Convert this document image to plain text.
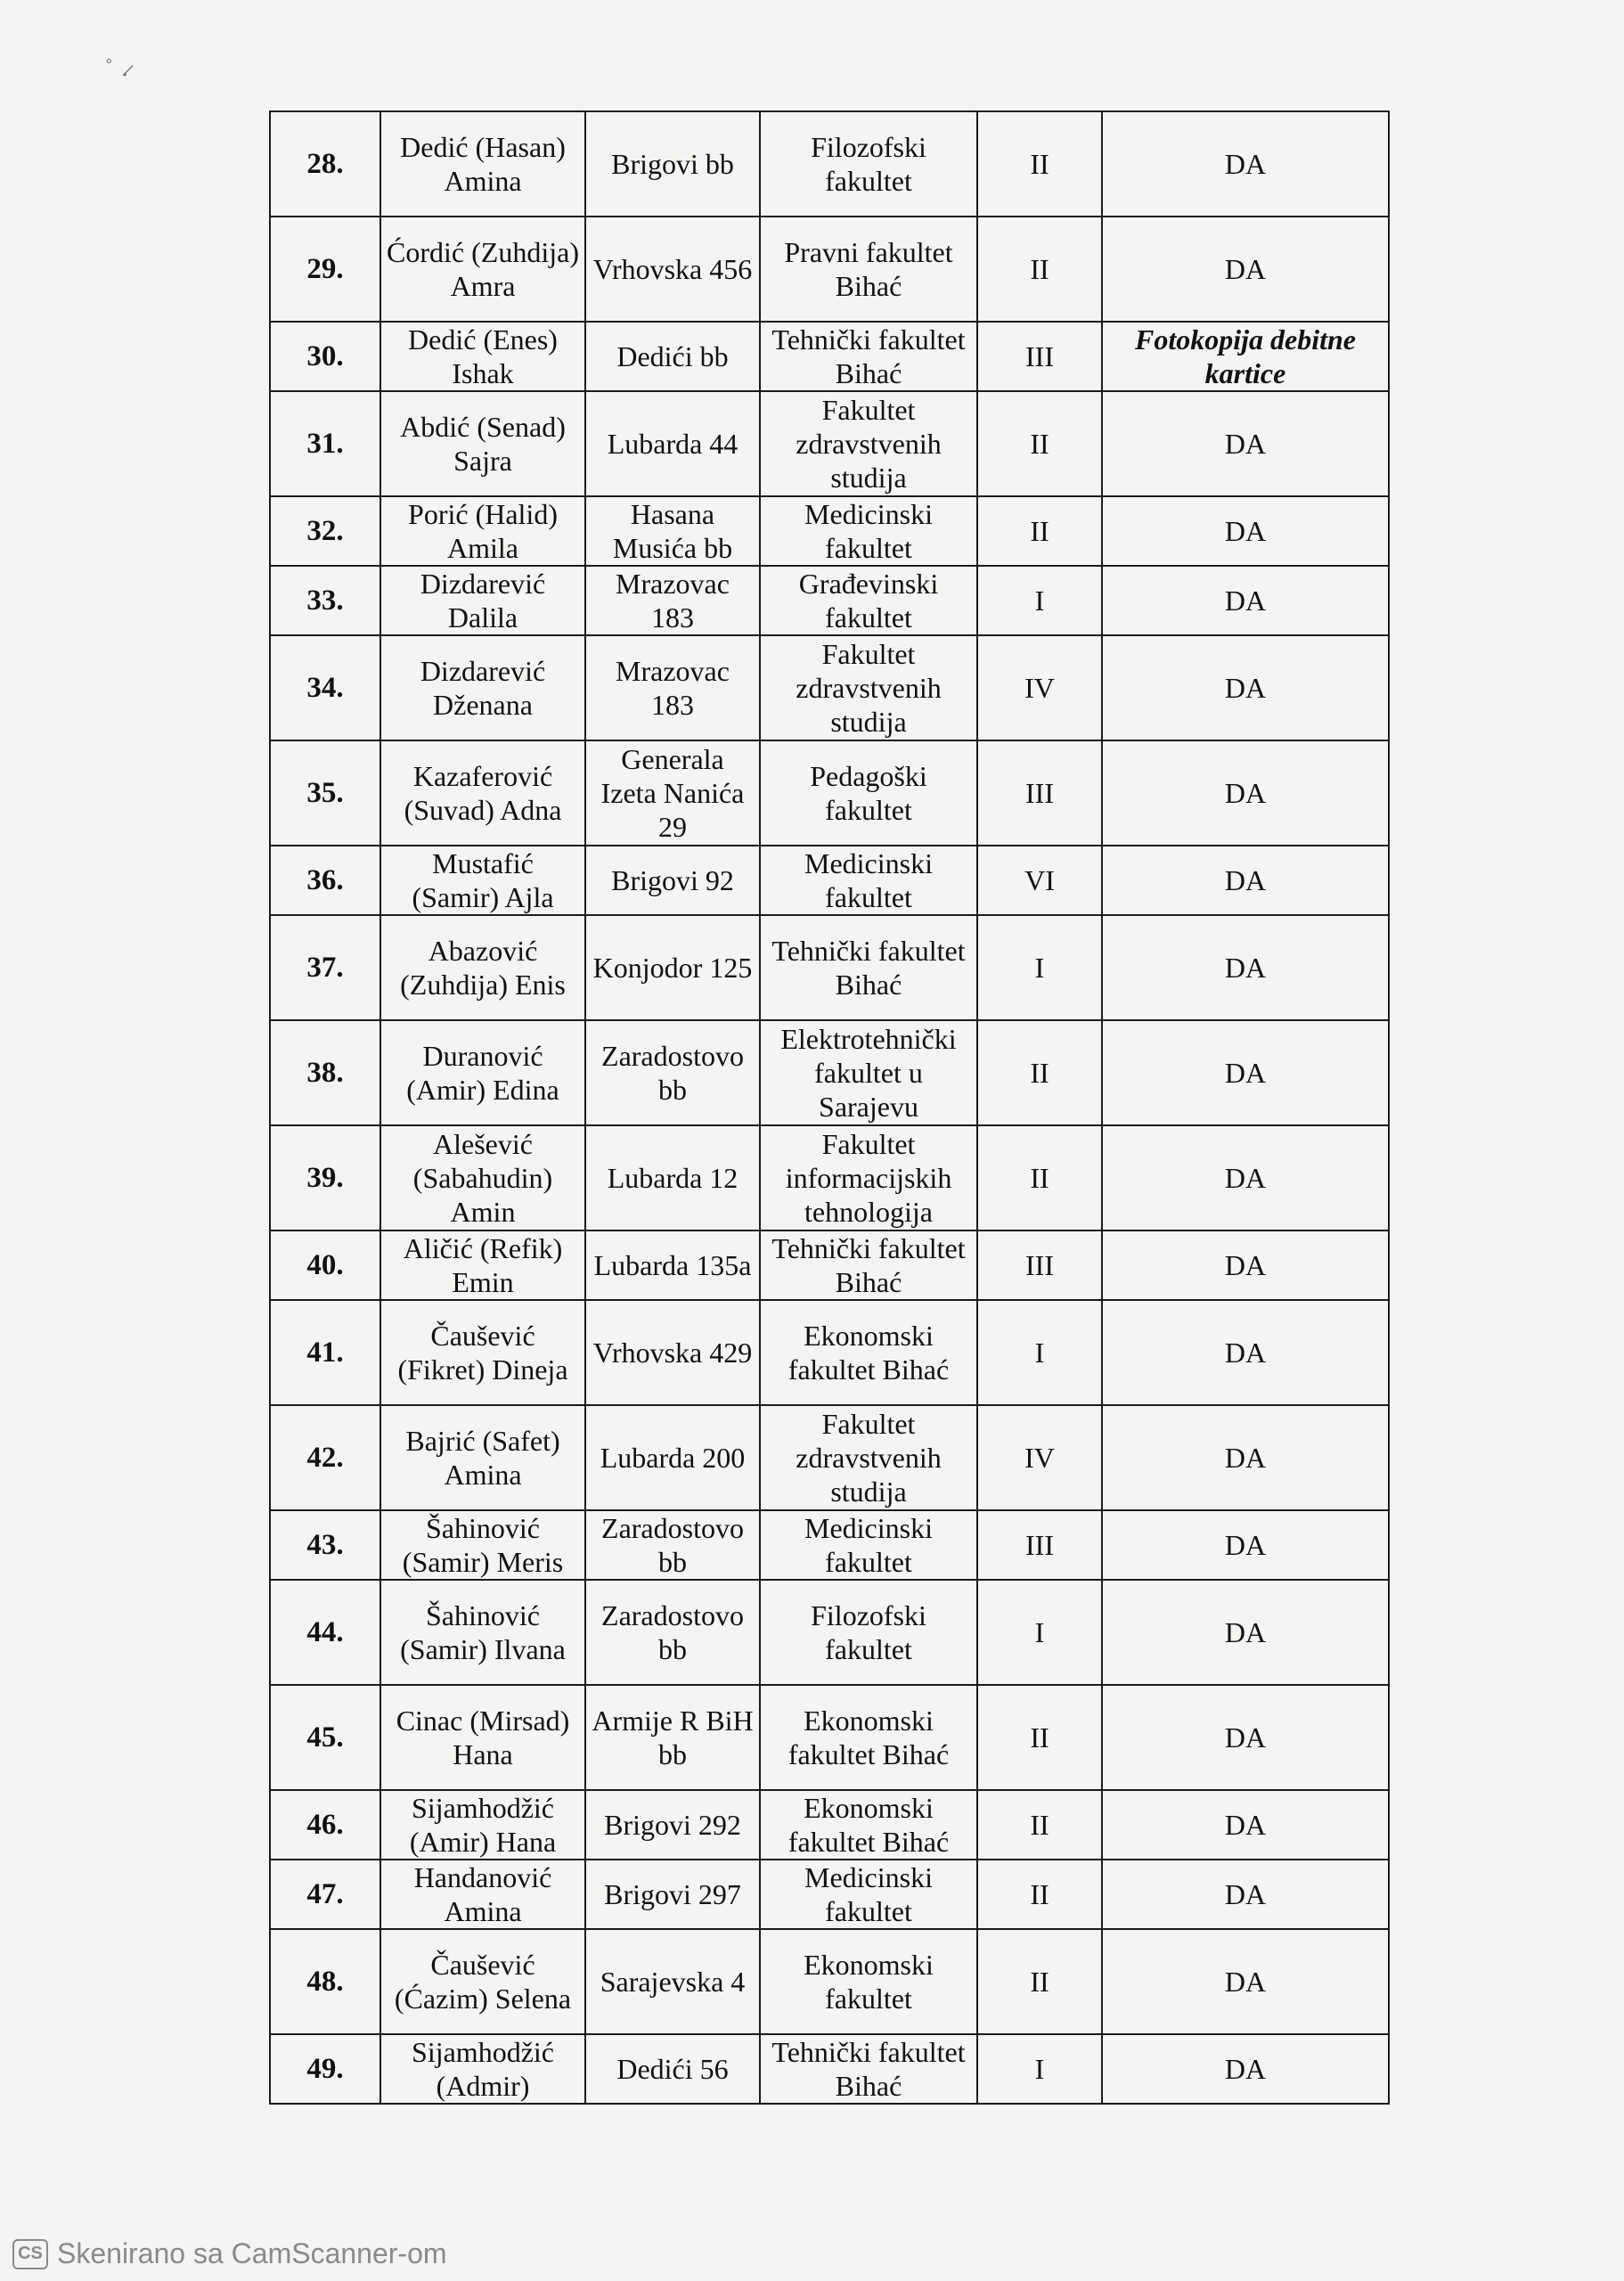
˚ .̷
28.	Dedić (Hasan) Amina	Brigovi bb	Filozofski fakultet	II	DA
29.	Ćordić (Zuhdija) Amra	Vrhovska 456	Pravni fakultet Bihać	II	DA
30.	Dedić (Enes) Ishak	Dedići bb	Tehnički fakultet Bihać	III	Fotokopija debitne kartice
31.	Abdić (Senad) Sajra	Lubarda 44	Fakultet zdravstvenih studija	II	DA
32.	Porić (Halid) Amila	Hasana Musića bb	Medicinski fakultet	II	DA
33.	Dizdarević Dalila	Mrazovac 183	Građevinski fakultet	I	DA
34.	Dizdarević Dženana	Mrazovac 183	Fakultet zdravstvenih studija	IV	DA
35.	Kazaferović (Suvad) Adna	Generala Izeta Nanića 29	Pedagoški fakultet	III	DA
36.	Mustafić (Samir) Ajla	Brigovi 92	Medicinski fakultet	VI	DA
37.	Abazović (Zuhdija) Enis	Konjodor 125	Tehnički fakultet Bihać	I	DA
38.	Duranović (Amir) Edina	Zaradostovo bb	Elektrotehnički fakultet u Sarajevu	II	DA
39.	Alešević (Sabahudin) Amin	Lubarda 12	Fakultet informacijskih tehnologija	II	DA
40.	Aličić (Refik) Emin	Lubarda 135a	Tehnički fakultet Bihać	III	DA
41.	Čaušević (Fikret) Dineja	Vrhovska 429	Ekonomski fakultet Bihać	I	DA
42.	Bajrić (Safet) Amina	Lubarda 200	Fakultet zdravstvenih studija	IV	DA
43.	Šahinović (Samir) Meris	Zaradostovo bb	Medicinski fakultet	III	DA
44.	Šahinović (Samir) Ilvana	Zaradostovo bb	Filozofski fakultet	I	DA
45.	Cinac (Mirsad) Hana	Armije R BiH bb	Ekonomski fakultet Bihać	II	DA
46.	Sijamhodžić (Amir) Hana	Brigovi 292	Ekonomski fakultet Bihać	II	DA
47.	Handanović Amina	Brigovi 297	Medicinski fakultet	II	DA
48.	Čaušević (Ćazim) Selena	Sarajevska 4	Ekonomski fakultet	II	DA
49.	Sijamhodžić (Admir)	Dedići 56	Tehnički fakultet Bihać	I	DA
CS Skenirano sa CamScanner-om
